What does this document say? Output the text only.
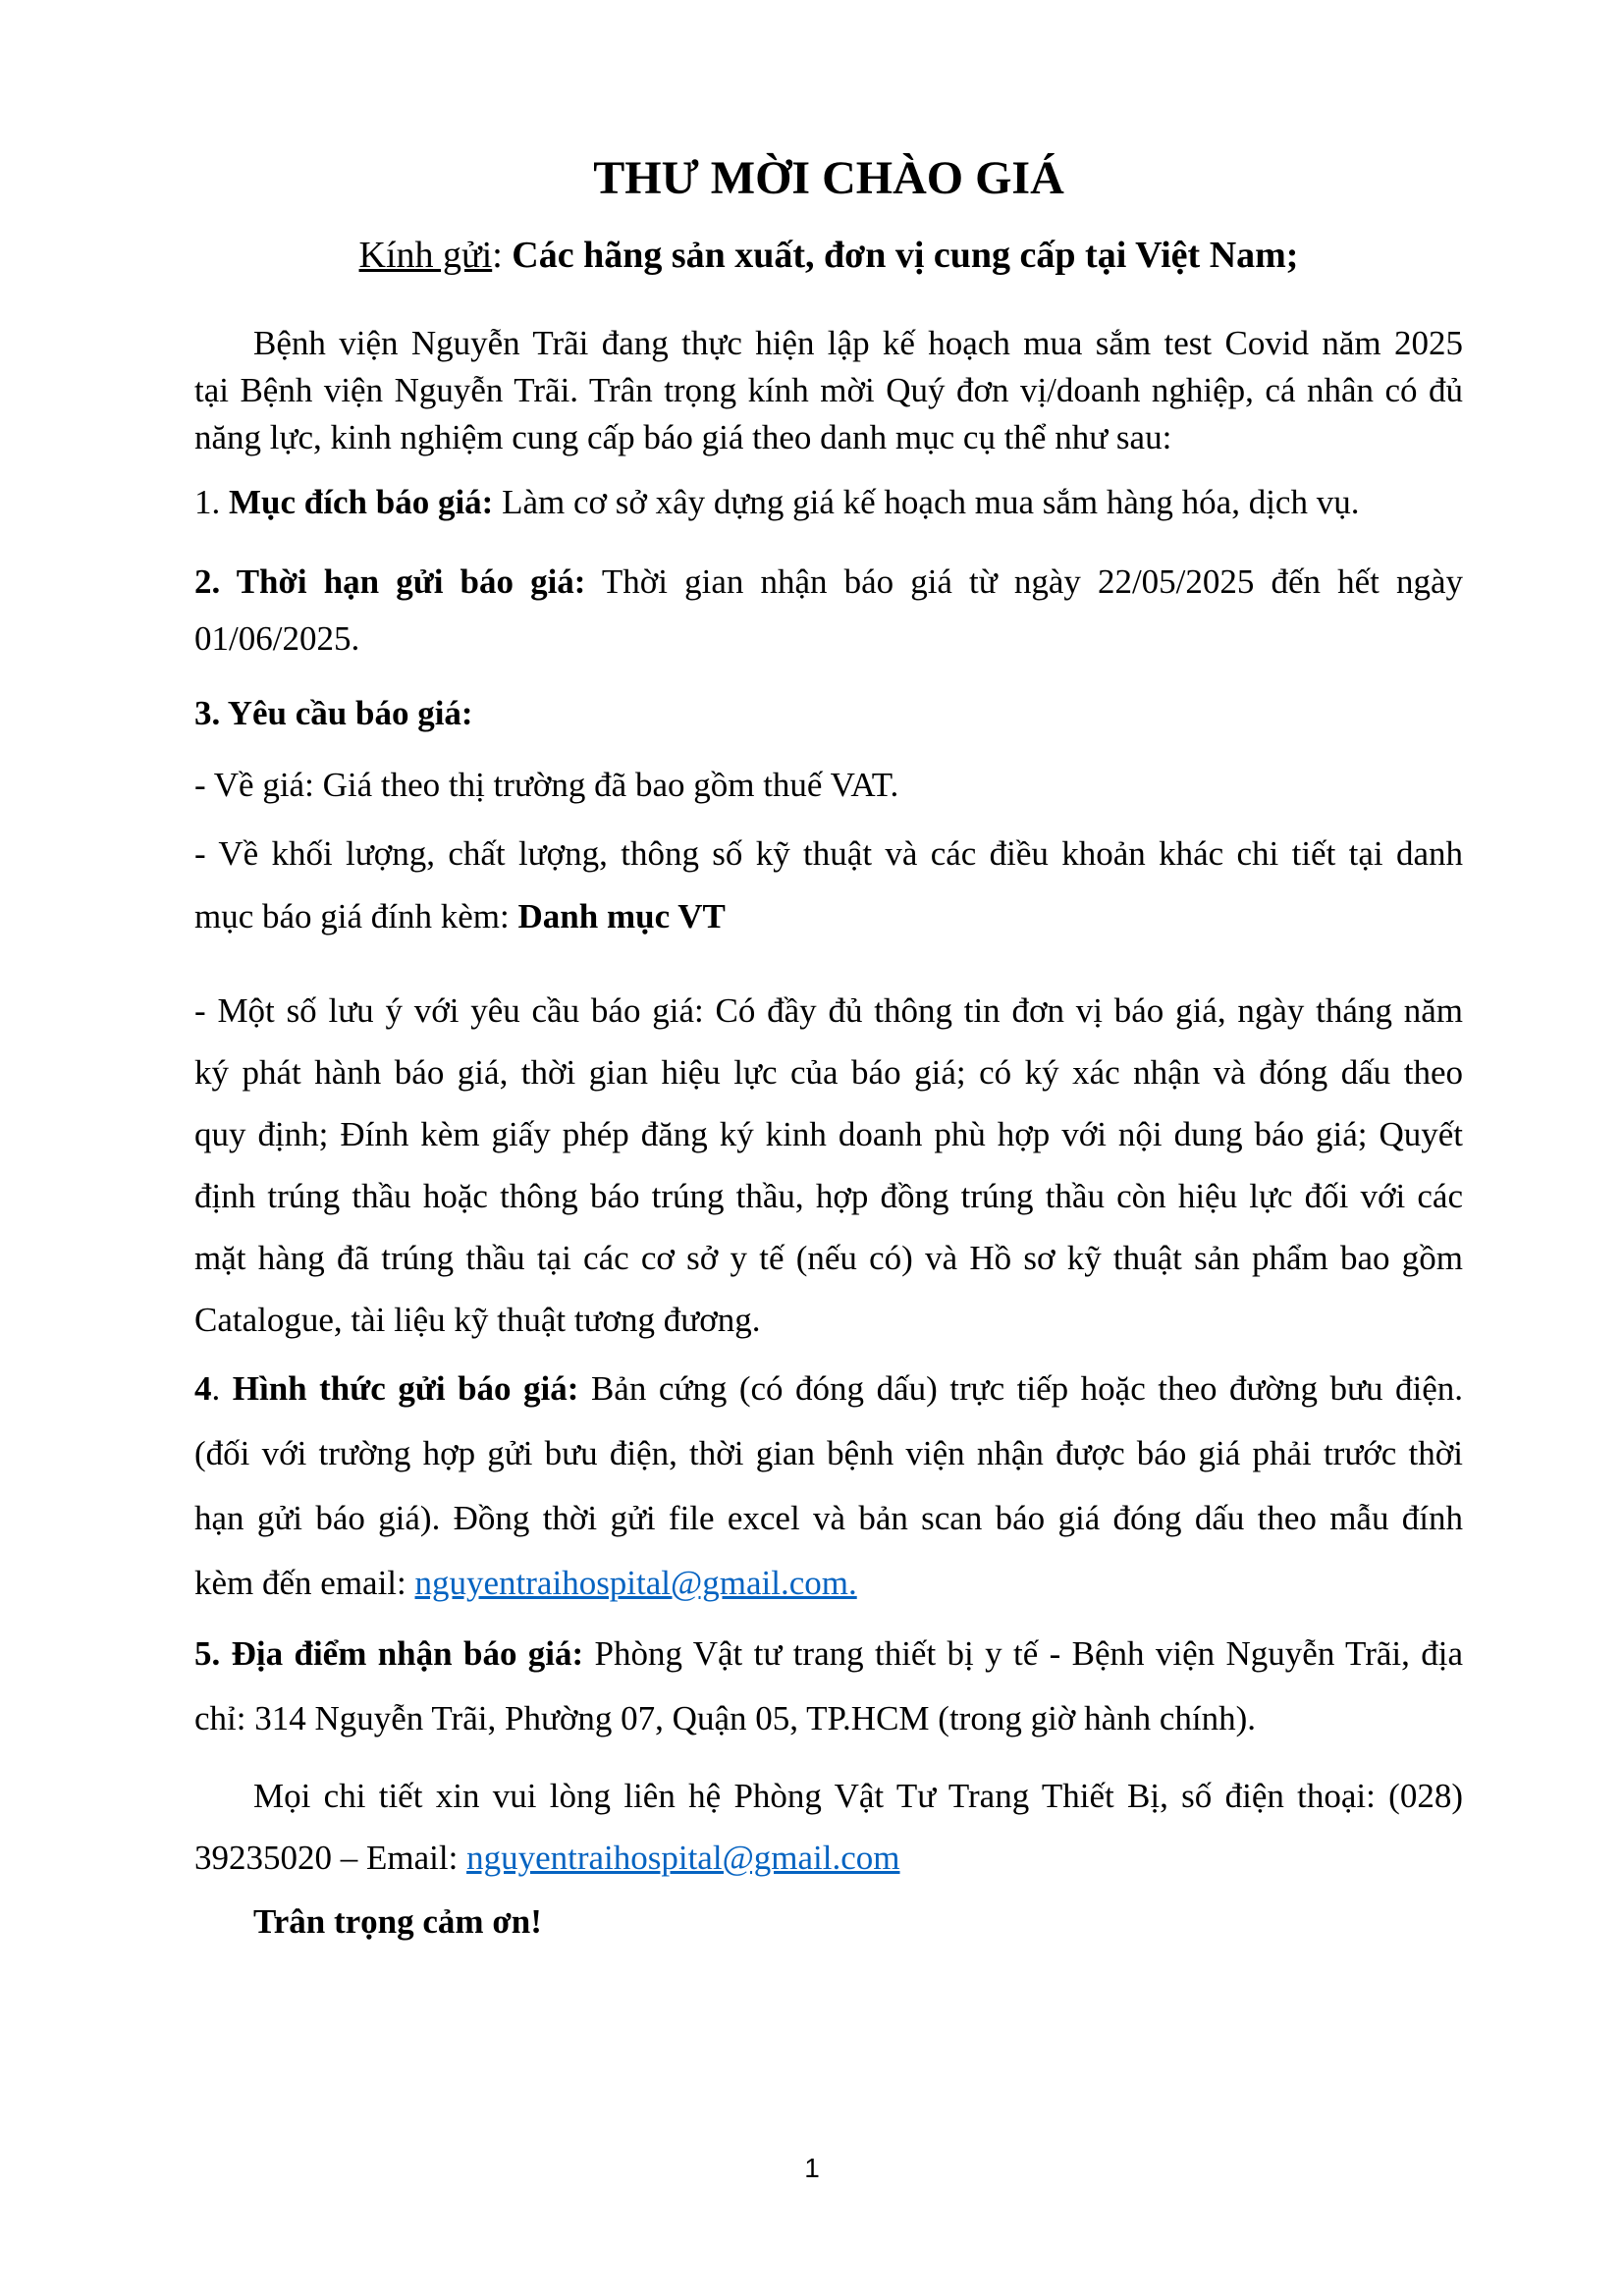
THƯ MỜI CHÀO GIÁ
Kính gửi: Các hãng sản xuất, đơn vị cung cấp tại Việt Nam;
Bệnh viện Nguyễn Trãi đang thực hiện lập kế hoạch mua sắm test Covid năm 2025
tại Bệnh viện Nguyễn Trãi. Trân trọng kính mời Quý đơn vị/doanh nghiệp, cá nhân có đủ
năng lực, kinh nghiệm cung cấp báo giá theo danh mục cụ thể như sau:
1. Mục đích báo giá: Làm cơ sở xây dựng giá kế hoạch mua sắm hàng hóa, dịch vụ.
2. Thời hạn gửi báo giá: Thời gian nhận báo giá từ ngày 22/05/2025 đến hết ngày
01/06/2025.
3. Yêu cầu báo giá:
- Về giá: Giá theo thị trường đã bao gồm thuế VAT.
- Về khối lượng, chất lượng, thông số kỹ thuật và các điều khoản khác chi tiết tại danh
mục báo giá đính kèm: Danh mục VT
- Một số lưu ý với yêu cầu báo giá: Có đầy đủ thông tin đơn vị báo giá, ngày tháng năm
ký phát hành báo giá, thời gian hiệu lực của báo giá; có ký xác nhận và đóng dấu theo
quy định; Đính kèm giấy phép đăng ký kinh doanh phù hợp với nội dung báo giá; Quyết
định trúng thầu hoặc thông báo trúng thầu, hợp đồng trúng thầu còn hiệu lực đối với các
mặt hàng đã trúng thầu tại các cơ sở y tế (nếu có) và Hồ sơ kỹ thuật sản phẩm bao gồm
Catalogue, tài liệu kỹ thuật tương đương.
4. Hình thức gửi báo giá: Bản cứng (có đóng dấu) trực tiếp hoặc theo đường bưu điện.
(đối với trường hợp gửi bưu điện, thời gian bệnh viện nhận được báo giá phải trước thời
hạn gửi báo giá). Đồng thời gửi file excel và bản scan báo giá đóng dấu theo mẫu đính
kèm đến email: nguyentraihospital@gmail.com.
5. Địa điểm nhận báo giá: Phòng Vật tư trang thiết bị y tế - Bệnh viện Nguyễn Trãi, địa
chỉ: 314 Nguyễn Trãi, Phường 07, Quận 05, TP.HCM (trong giờ hành chính).
Mọi chi tiết xin vui lòng liên hệ Phòng Vật Tư Trang Thiết Bị, số điện thoại: (028)
39235020 – Email: nguyentraihospital@gmail.com
Trân trọng cảm ơn!
1
